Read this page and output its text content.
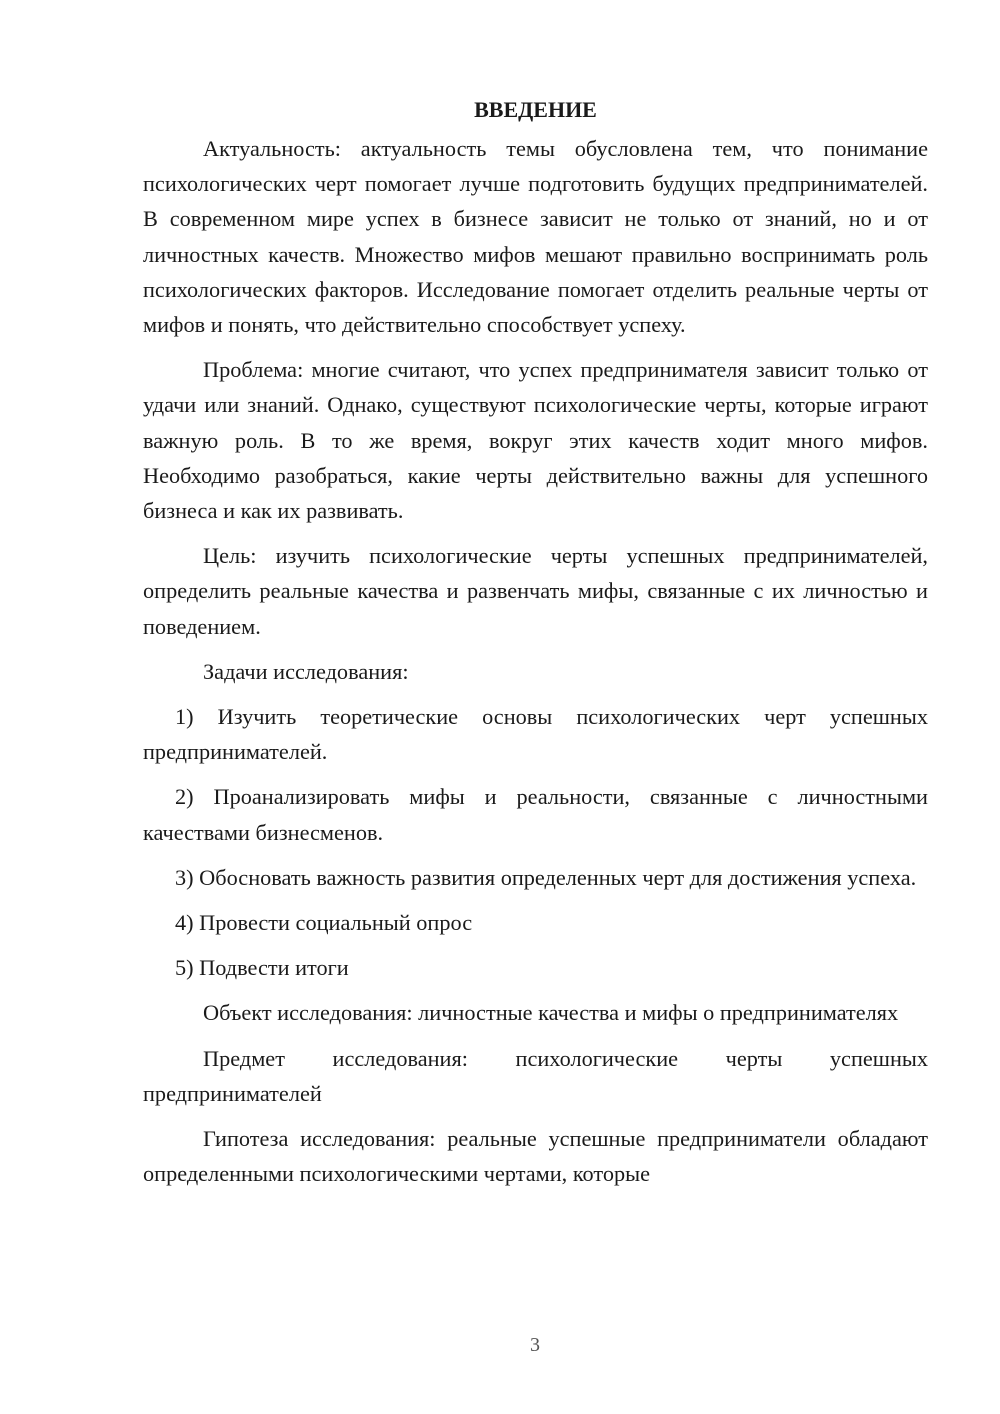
ВВЕДЕНИЕ

Актуальность: актуальность темы обусловлена тем, что понимание психологических черт помогает лучше подготовить будущих предпринимателей. В современном мире успех в бизнесе зависит не только от знаний, но и от личностных качеств. Множество мифов мешают правильно воспринимать роль психологических факторов. Исследование помогает отделить реальные черты от мифов и понять, что действительно способствует успеху.

Проблема: многие считают, что успех предпринимателя зависит только от удачи или знаний. Однако, существуют психологические черты, которые играют важную роль. В то же время, вокруг этих качеств ходит много мифов. Необходимо разобраться, какие черты действительно важны для успешного бизнеса и как их развивать.

Цель: изучить психологические черты успешных предпринимателей, определить реальные качества и развенчать мифы, связанные с их личностью и поведением.

Задачи исследования:

1) Изучить теоретические основы психологических черт успешных предпринимателей.

2) Проанализировать мифы и реальности, связанные с личностными качествами бизнесменов.

3) Обосновать важность развития определенных черт для достижения успеха.

4) Провести социальный опрос

5) Подвести итоги

Объект исследования: личностные качества и мифы о предпринимателях

Предмет исследования: психологические черты успешных предпринимателей

Гипотеза исследования: реальные успешные предприниматели обладают определенными психологическими чертами, которые

3
